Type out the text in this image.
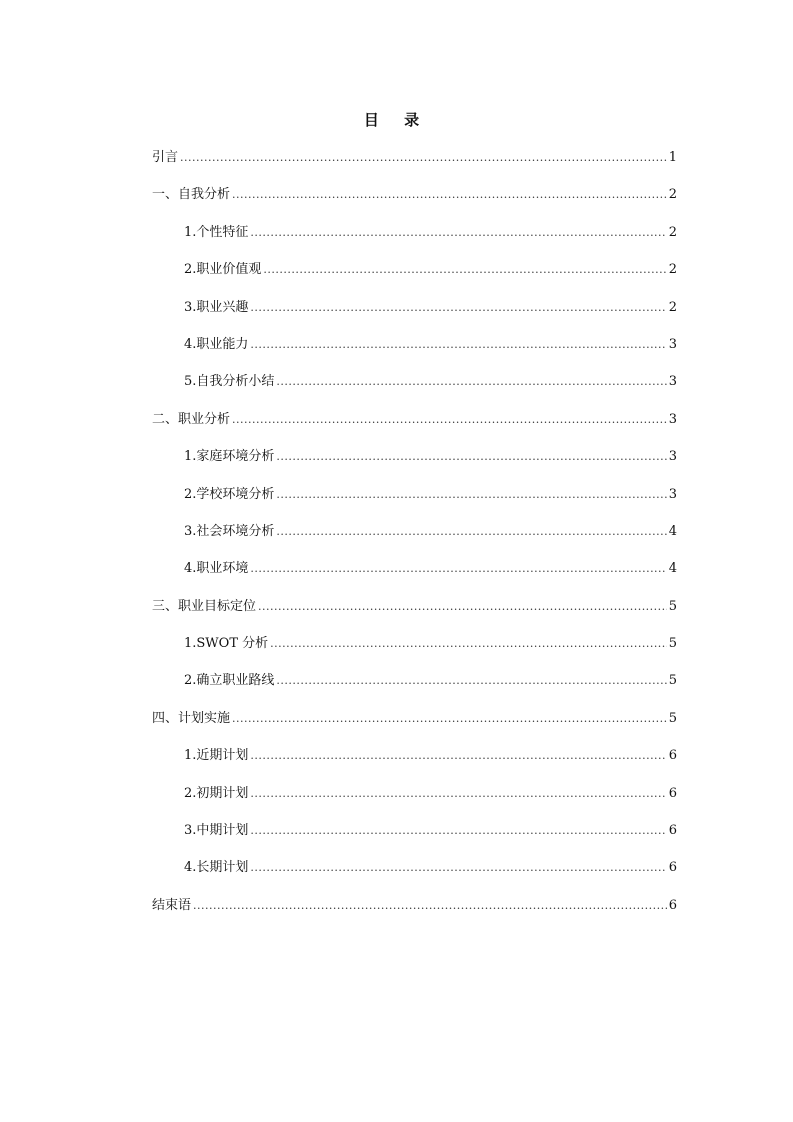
目 录
引言 .....	1
一、自我分析 .....	2
1.个性特征 .....	2
2.职业价值观 .....	2
3.职业兴趣 .....	2
4.职业能力 .....	3
5.自我分析小结 .....	3
二、职业分析 .....	3
1.家庭环境分析 .....	3
2.学校环境分析 .....	3
3.社会环境分析 .....	4
4.职业环境 .....	4
三、职业目标定位 .....	5
1.SWOT 分析 .....	5
2.确立职业路线 .....	5
四、计划实施 .....	5
1.近期计划 .....	6
2.初期计划 .....	6
3.中期计划 .....	6
4.长期计划 .....	6
结束语 .....	6
